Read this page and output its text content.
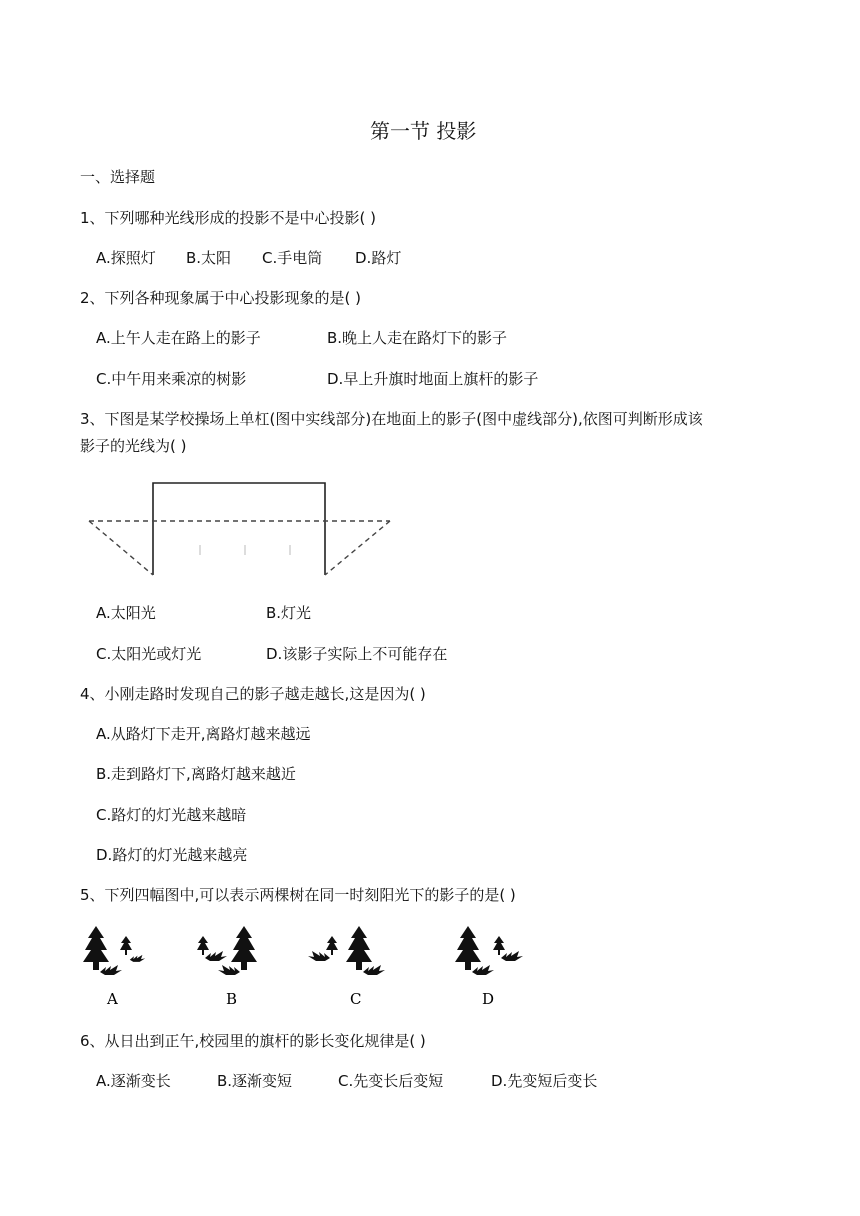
第一节 投影
一、选择题
1、下列哪种光线形成的投影不是中心投影( )
A.探照灯 B.太阳 C.手电筒 D.路灯
2、下列各种现象属于中心投影现象的是( )
A.上午人走在路上的影子	B.晚上人走在路灯下的影子
C.中午用来乘凉的树影	D.早上升旗时地面上旗杆的影子
3、下图是某学校操场上单杠(图中实线部分)在地面上的影子(图中虚线部分),依图可判断形成该
影子的光线为( )
A.太阳光	B.灯光
C.太阳光或灯光	D.该影子实际上不可能存在
4、小刚走路时发现自己的影子越走越长,这是因为( )
A.从路灯下走开,离路灯越来越远
B.走到路灯下,离路灯越来越近
C.路灯的灯光越来越暗
D.路灯的灯光越来越亮
5、下列四幅图中,可以表示两棵树在同一时刻阳光下的影子的是( )
A	B	C	D
6、从日出到正午,校园里的旗杆的影长变化规律是( )
A.逐渐变长	B.逐渐变短	C.先变长后变短	D.先变短后变长
